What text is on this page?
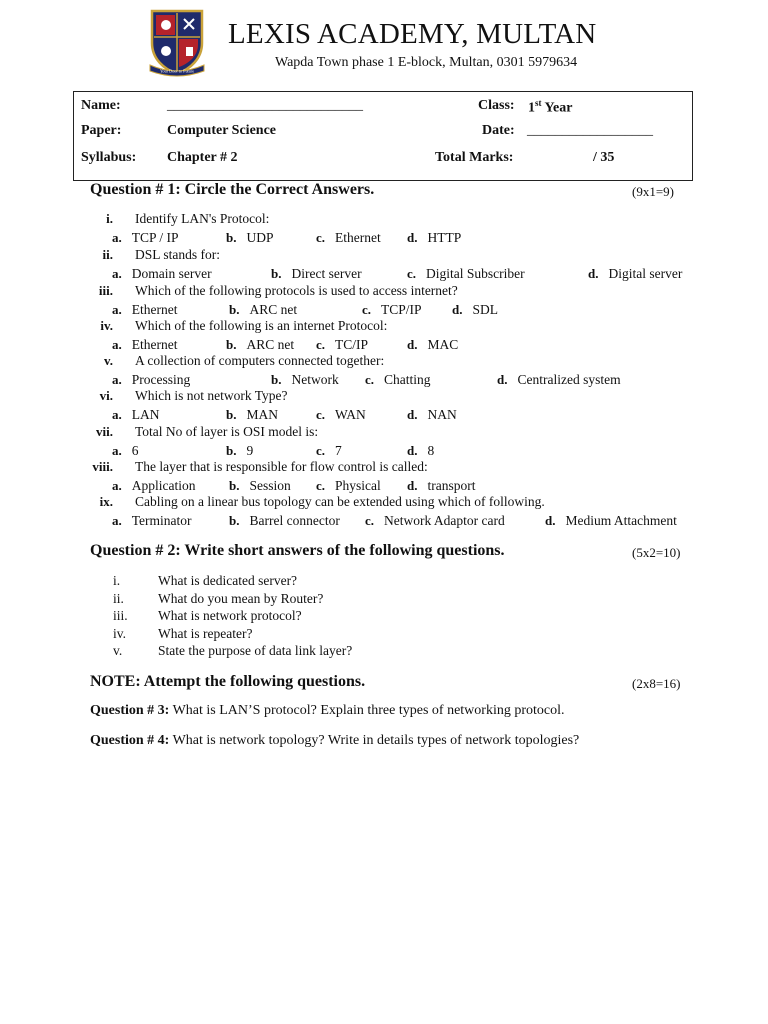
Your Door to Future
LEXIS ACADEMY, MULTAN
Wapda Town phase 1 E-block, Multan, 0301 5979634
Name:	____________________________	Class: 1st Year
Paper:	Computer Science	Date: __________________
Syllabus: Chapter # 2	Total Marks:	/ 35
Question # 1: Circle the Correct Answers.	(9x1=9)
i. Identify LAN's Protocol:
a. TCP / IP	b. UDP	c. Ethernet d. HTTP
ii. DSL stands for:
a. Domain server	b. Direct server	c. Digital Subscriber	d. Digital server
iii. Which of the following protocols is used to access internet?
a. Ethernet	b. ARC net	c. TCP/IP d. SDL
iv. Which of the following is an internet Protocol:
a. Ethernet	b. ARC net c. TC/IP	d. MAC
v. A collection of computers connected together:
a. Processing	b. Network c. Chatting	d. Centralized system
vi. Which is not network Type?
a. LAN	b. MAN	c. WAN	d. NAN
vii. Total No of layer is OSI model is:
a. 6	b. 9	c. 7	d. 8
viii. The layer that is responsible for flow control is called:
a. Application	b. Session c. Physical d. transport
ix. Cabling on a linear bus topology can be extended using which of following.
a. Terminator	b. Barrel connector c. Network Adaptor card	d. Medium Attachment
Question # 2: Write short answers of the following questions.	(5x2=10)
i.	What is dedicated server?
ii.	What do you mean by Router?
iii. What is network protocol?
iv. What is repeater?
v.	State the purpose of data link layer?
NOTE: Attempt the following questions.	(2x8=16)
Question # 3: What is LAN’S protocol? Explain three types of networking protocol.
Question # 4: What is network topology? Write in details types of network topologies?
